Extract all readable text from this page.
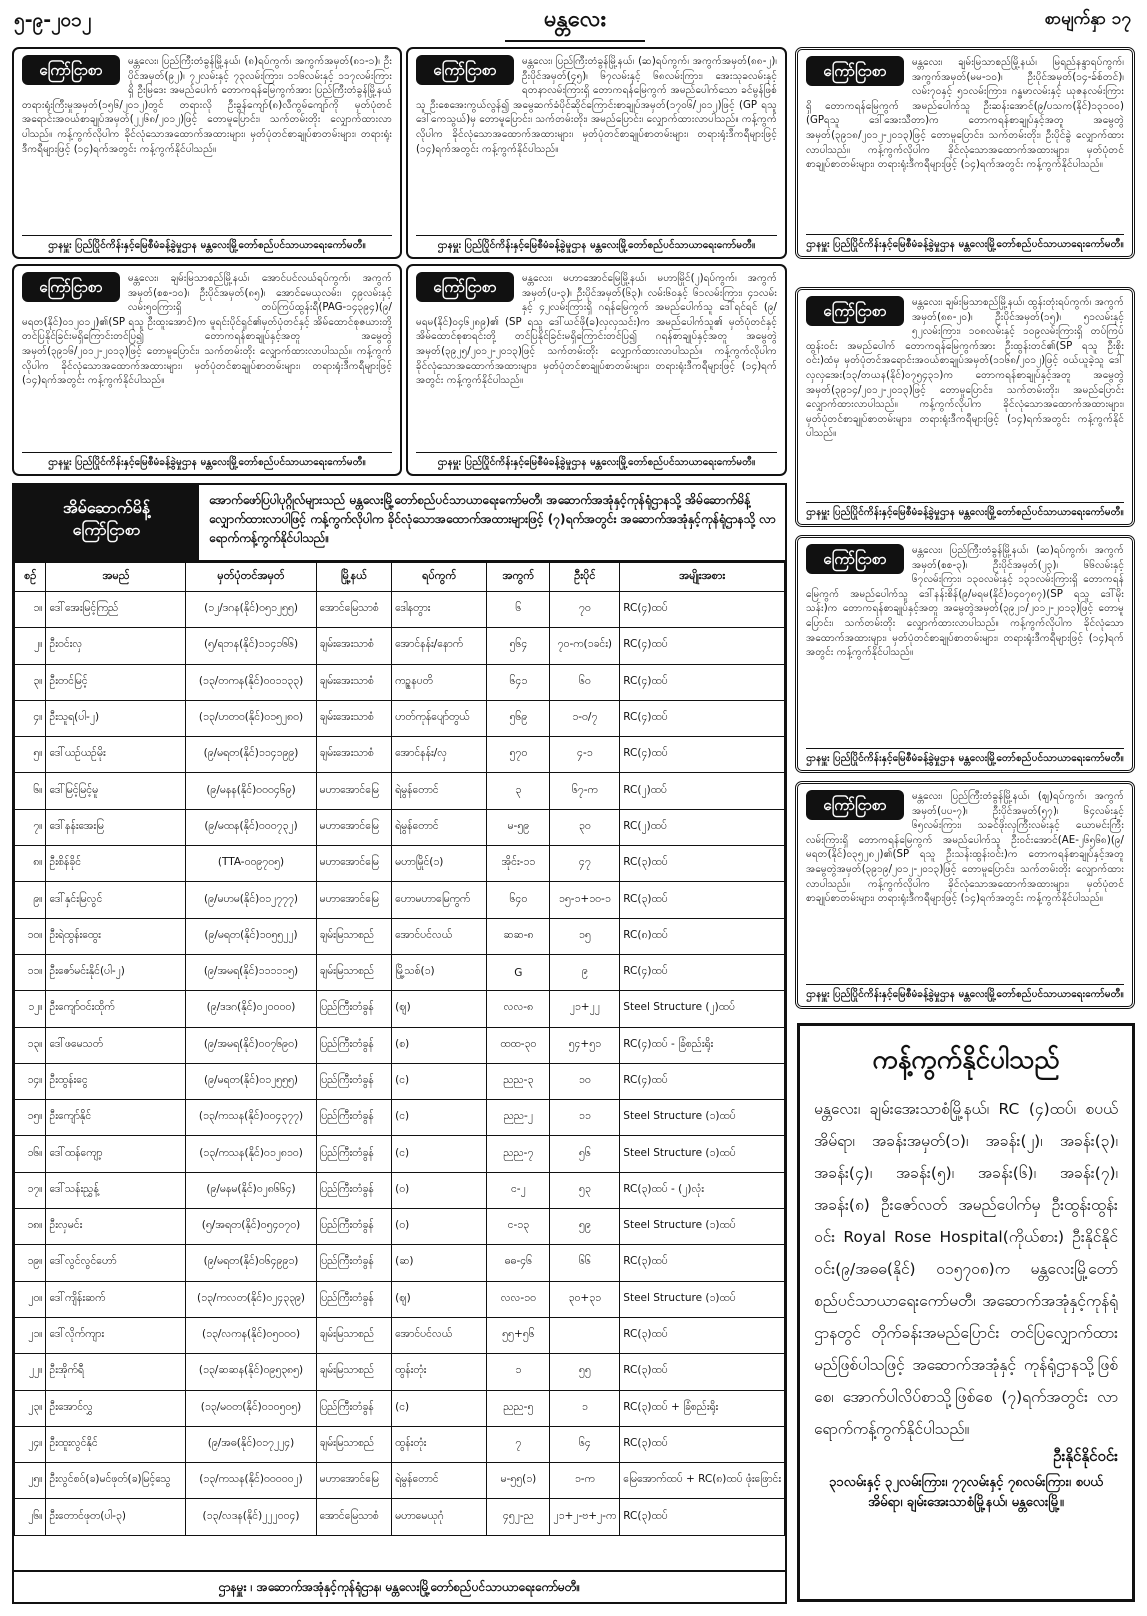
၅-၉-၂၀၁၂	မန္တလေး	စာမျက်နှာ ၁၇
ကြော်ငြာစာ	မန္တလေး၊ ပြည်ကြီးတံခွန်မြို့နယ်၊ (၈)ရပ်ကွက်၊ အကွက်အမှတ်(၈၁-၁)၊ ဦးပိုင်အမှတ်(၉၂)၊ ၇၂လမ်းနှင့် ၇၃လမ်းကြား၊ ၁၁၆လမ်းနှင့် ၁၁၇လမ်းကြားရှိ ဦးမြဒေး အမည်ပေါက် တောကရန်မြေကွက်အား ပြည်ကြီးတံခွန်မြို့နယ် တရားရုံးကြီးမှုအမှတ်(၁၅၆/၂၀၁၂)တွင် တရားလို ဦးခွန်ကျော်(၈)လီကွမ်ကျော်ကို မှတ်ပုံတင်အရောင်းအဝယ်စာချုပ်အမှတ်(၂၂၆၈/၂၀၁၂)ဖြင့် တောမူပြောင်း၊ သက်တမ်းတိုး လျှောက်ထားလာပါသည်။ ကန့်ကွက်လိုပါက ခိုင်လုံသောအထောက်အထားများ၊ မှတ်ပုံတင်စာချုပ်စာတမ်းများ၊ တရားရုံးဒီကရီများဖြင့် (၁၄)ရက်အတွင်း ကန့်ကွက်နိုင်ပါသည်။
ဌာနမှူး ပြည်ပြိုင်ကိန်းနှင့်မြေစီမံခန့်ခွဲမှုဌာန မန္တလေးမြို့တော်စည်ပင်သာယာရေးကော်မတီ။
ကြော်ငြာစာ	မန္တလေး၊ ပြည်ကြီးတံခွန်မြို့နယ်၊ (ဆ)ရပ်ကွက်၊ အကွက်အမှတ်(၈၈-၂)၊ ဦးပိုင်အမှတ်(၄၅)၊ ၆၇လမ်းနှင့် ၆၈လမ်းကြား၊ အေးသုခလမ်းနှင့် ရတနာလမ်းကြားရှိ တောကရန်မြေကွက် အမည်ပေါက်သော ခင်မွန်ဖြစ်သူ ဦးစေအေးကွယ်လွန်၍ အမွေဆက်ခံပိုင်ဆိုင်ကြောင်းစာချုပ်အမှတ်(၁၇၀၆/၂၀၁၂)ဖြင့် (GP ရသူ ဒေါ်ကေသွယ်)မှ တောမူပြောင်း၊ သက်တမ်းတိုး၊ အမည်ပြောင်း၊ လျှောက်ထားလာပါသည်။ ကန့်ကွက်လိုပါက ခိုင်လုံသောအထောက်အထားများ၊ မှတ်ပုံတင်စာချုပ်စာတမ်းများ၊ တရားရုံးဒီကရီများဖြင့် (၁၄)ရက်အတွင်း ကန့်ကွက်နိုင်ပါသည်။
ဌာနမှူး ပြည်ပြိုင်ကိန်းနှင့်မြေစီမံခန့်ခွဲမှုဌာန မန္တလေးမြို့တော်စည်ပင်သာယာရေးကော်မတီ။
ကြော်ငြာစာ	မန္တလေး၊ ချမ်းမြသာစည်မြို့နယ်၊ မြရည်နန္ဒာရပ်ကွက်၊ အကွက်အမှတ်(မမ-၁၀)၊ ဦးပိုင်အမှတ်(၁၄-ခ်စ်တင်)၊ လမ်း၇၀နှင့် ၅၁လမ်းကြား၊ ဂန္ဓမာလမ်းနှင့် ယုဇနလမ်းကြားရှိ တောကရန်မြေကွက် အမည်ပေါက်သူ ဦးဆန်းအောင်(၉/ပသက(နိုင်)၁၃၁၀၀)(GPရသူ ဒေါ်အေးသီတာ)က တောကရန်စာချုပ်နှင့်အတူ အမွေတွဲအမှတ်(၃၉၁၈/၂၀၁၂-၂၀၁၃)ဖြင့် တောမူပြောင်း၊ သက်တမ်းတိုး၊ ဦးပိုင်ခွဲ လျှောက်ထားလာပါသည်။ ကန့်ကွက်လိုပါက ခိုင်လုံသောအထောက်အထားများ၊ မှတ်ပုံတင်စာချုပ်စာတမ်းများ၊ တရားရုံးဒီကရီများဖြင့် (၁၄)ရက်အတွင်း ကန့်ကွက်နိုင်ပါသည်။
ဌာနမှူး ပြည်ပြိုင်ကိန်းနှင့်မြေစီမံခန့်ခွဲမှုဌာန မန္တလေးမြို့တော်စည်ပင်သာယာရေးကော်မတီ။
ကြော်ငြာစာ	မန္တလေး၊ ချမ်းမြသာစည်မြို့နယ်၊ အောင်ပင်လယ်ရပ်ကွက်၊ အကွက်အမှတ်(စစ-၁၀)၊ ဦးပိုင်အမှတ်(၈၅)၊ အောင်မေယုလမ်း၊ ၄၉လမ်းနှင့် လမ်း၅၀ကြားရှိ တပ်ကြပ်ထွန်းရီ(PAG-၁၄၃၉၄)(၉/မရတ(နိုင်)၀၁၂၀၁၂)၏(SP ရသူ ဦးထူးအောင်)က မူရင်းပိုင်ရှင်၏မှတ်ပုံတင်နှင့် အိမ်ထောင်စုဇယားတို့ တင်ပြနိုင်ခြင်းမရှိကြောင်းတင်ပြ၍ တောကရန်စာချုပ်နှင့်အတူ အမွေတွဲအမှတ်(၃၉၁၆/၂၀၁၂-၂၀၁၃)ဖြင့် တောမူပြောင်း၊ သက်တမ်းတိုး လျှောက်ထားလာပါသည်။ ကန့်ကွက်လိုပါက ခိုင်လုံသောအထောက်အထားများ၊ မှတ်ပုံတင်စာချုပ်စာတမ်းများ၊ တရားရုံးဒီကရီများဖြင့် (၁၄)ရက်အတွင်း ကန့်ကွက်နိုင်ပါသည်။
ဌာနမှူး ပြည်ပြိုင်ကိန်းနှင့်မြေစီမံခန့်ခွဲမှုဌာန မန္တလေးမြို့တော်စည်ပင်သာယာရေးကော်မတီ။
ကြော်ငြာစာ	မန္တလေး၊ မဟာအောင်မြေမြို့နယ်၊ မဟာမြိုင်(၂)ရပ်ကွက်၊ အကွက်အမှတ်(ပ-၃)၊ ဦးပိုင်အမှတ်(၆၃)၊ လမ်း၆၀နှင့် ၆၁လမ်းကြား၊ ၄၁လမ်းနှင့် ၄၂လမ်းကြားရှိ ဂရန်မြေကွက် အမည်ပေါက်သူ ဒေါ်ရင်ရင် (၉/မရမ(နိုင်)၀၄၆၂၈၉)၏ (SP ရသူ ဒေါ်ယင်ဖို(ခ)လှလှသင်း)က အမည်ပေါက်သူ၏ မှတ်ပုံတင်နှင့် အိမ်ထောင်စုစာရင်းတို့ တင်ပြနိုင်ခြင်းမရှိကြောင်းတင်ပြ၍ ဂရန်စာချုပ်နှင့်အတူ အမွေတွဲအမှတ်(၃၉၂၅/၂၀၁၂-၂၀၁၃)ဖြင့် သက်တမ်းတိုး လျှောက်ထားလာပါသည်။ ကန့်ကွက်လိုပါက ခိုင်လုံသောအထောက်အထားများ၊ မှတ်ပုံတင်စာချုပ်စာတမ်းများ၊ တရားရုံးဒီကရီများဖြင့် (၁၄)ရက်အတွင်း ကန့်ကွက်နိုင်ပါသည်။
ဌာနမှူး ပြည်ပြိုင်ကိန်းနှင့်မြေစီမံခန့်ခွဲမှုဌာန မန္တလေးမြို့တော်စည်ပင်သာယာရေးကော်မတီ။
ကြော်ငြာစာ	မန္တလေး၊ ချမ်းမြသာစည်မြို့နယ်၊ ထွန်းတုံးရပ်ကွက်၊ အကွက်အမှတ်(၈၈-၂၀)၊ ဦးပိုင်အမှတ်(၁၅)၊ ၅၁လမ်းနှင့် ၅၂လမ်းကြား၊ ၁၀၈လမ်းနှင့် ၁၀၉လမ်းကြားရှိ တပ်ကြပ်ထွန်းဝင်း အမည်ပေါက် တောကရန်မြေကွက်အား ဦးထွန်းတင်၏(SP ရသူ ဦးစိုးဝင်း)ထံမှ မှတ်ပုံတင်အရောင်းအဝယ်စာချုပ်အမှတ်(၁၁၆၈/၂၀၁၂)ဖြင့် ဝယ်ယူခဲ့သူ ဒေါ်လှလှအေး(၁၃/တယန(နိုင်)၀၇၅၄၃၁)က တောကရန်စာချုပ်နှင့်အတူ အမွေတွဲအမှတ်(၃၉၁၄/၂၀၁၂-၂၀၁၃)ဖြင့် တောမူပြောင်း၊ သက်တမ်းတိုး၊ အမည်ပြောင်း လျှောက်ထားလာပါသည်။ ကန့်ကွက်လိုပါက ခိုင်လုံသောအထောက်အထားများ၊ မှတ်ပုံတင်စာချုပ်စာတမ်းများ၊ တရားရုံးဒီကရီများဖြင့် (၁၄)ရက်အတွင်း ကန့်ကွက်နိုင်ပါသည်။
ဌာနမှူး ပြည်ပြိုင်ကိန်းနှင့်မြေစီမံခန့်ခွဲမှုဌာန မန္တလေးမြို့တော်စည်ပင်သာယာရေးကော်မတီ။
ကြော်ငြာစာ	မန္တလေး၊ ပြည်ကြီးတံခွန်မြို့နယ်၊ (ဆ)ရပ်ကွက်၊ အကွက်အမှတ်(စစ-၃)၊ ဦးပိုင်အမှတ်(၂၃)၊ ၆၆လမ်းနှင့် ၆၇လမ်းကြား၊ ၁၃၀လမ်းနှင့် ၁၃၁လမ်းကြားရှိ တောကရန်မြေကွက် အမည်ပေါက်သူ ဒေါ်နန်းစိန်(၉/မရမ(နိုင်)၀၄၀၇၈၇)(SP ရသူ ဒေါ်မိုးသန်း)က တောကရန်စာချုပ်နှင့်အတူ အမွေတွဲအမှတ်(၃၉၂၁/၂၀၁၂-၂၀၁၃)ဖြင့် တောမူပြောင်း၊ သက်တမ်းတိုး လျှောက်ထားလာပါသည်။ ကန့်ကွက်လိုပါက ခိုင်လုံသောအထောက်အထားများ၊ မှတ်ပုံတင်စာချုပ်စာတမ်းများ၊ တရားရုံးဒီကရီများဖြင့် (၁၄)ရက်အတွင်း ကန့်ကွက်နိုင်ပါသည်။
ဌာနမှူး ပြည်ပြိုင်ကိန်းနှင့်မြေစီမံခန့်ခွဲမှုဌာန မန္တလေးမြို့တော်စည်ပင်သာယာရေးကော်မတီ။
ကြော်ငြာစာ	မန္တလေး၊ ပြည်ကြီးတံခွန်မြို့နယ်၊ (ဈ)ရပ်ကွက်၊ အကွက်အမှတ်(ပပ-၇)၊ ဦးပိုင်အမှတ်(၅၇)၊ ၆၄လမ်းနှင့် ၆၅လမ်းကြား၊ သခင်ဖိုးလှကြီးလမ်းနှင့် ယောမင်းကြီးလမ်းကြားရှိ တောကရန်မြေကွက် အမည်ပေါက်သူ ဦးဝင်းအောင်(AE-၂၆၅၆၈)(၉/မရတ(နိုင်)၀၃၅၂၈၂)၏(SP ရသူ ဦးသန်းထွန်းဝင်း)က တောကရန်စာချုပ်နှင့်အတူ အမွေတွဲအမှတ်(၃၉၁၉/၂၀၁၂-၂၀၁၃)ဖြင့် တောမူပြောင်း၊ သက်တမ်းတိုး လျှောက်ထားလာပါသည်။ ကန့်ကွက်လိုပါက ခိုင်လုံသောအထောက်အထားများ၊ မှတ်ပုံတင်စာချုပ်စာတမ်းများ၊ တရားရုံးဒီကရီများဖြင့် (၁၄)ရက်အတွင်း ကန့်ကွက်နိုင်ပါသည်။
ဌာနမှူး ပြည်ပြိုင်ကိန်းနှင့်မြေစီမံခန့်ခွဲမှုဌာန မန္တလေးမြို့တော်စည်ပင်သာယာရေးကော်မတီ။
အိမ်ဆောက်မိန့်
ကြော်ငြာစာ
အောက်ဖော်ပြပါပုဂ္ဂိုလ်များသည် မန္တလေးမြို့တော်စည်ပင်သာယာရေးကော်မတီ၊ အဆောက်အအုံနှင့်ကုန်ရုံဌာနသို့ အိမ်ဆောက်မိန့် လျှောက်ထားလာပါဖြင့် ကန့်ကွက်လိုပါက ခိုင်လုံသောအထောက်အထားများဖြင့် (၇)ရက်အတွင်း အဆောက်အအုံနှင့်ကုန်ရုံဌာနသို့ လာရောက်ကန့်ကွက်နိုင်ပါသည်။
စဉ်	အမည်	မှတ်ပုံတင်အမှတ်	မြို့နယ်	ရပ်ကွက်	အကွက်	ဦးပိုင်	အမျိုးအစား
၁။	ဒေါ်အေးမြင့်ကြည်	(၁၂/ဒဂန(နိုင်)၀၅၁၂၅၅)	အောင်မြေသာစံ	ဒေါနတွား	၆	၇၀	RC(၄)ထပ်
၂။	ဦးဝင်းလှ	(၅/ရဘန(နိုင်)၁၁၄၁၆၆)	ချမ်းအေးသာစံ	အောင်နန်း/နောက်	၅၆၄	၇၀-က(၁ခင်း)	RC(၄)ထပ်
၃။	ဦးတင်မြင့်	(၁၃/တကန(နိုင်)၀၀၁၁၃၃)	ချမ်းအေးသာစံ	ကဥ္စနပတိ	၆၄၁	၆၀	RC(၄)ထပ်
၄။	ဦးသူရ(ပါ-၂)	(၁၃/ဟတဝ(နိုင်)၀၁၅၂၈၀)	ချမ်းအေးသာစံ	ဟတ်ကုန်ပျော်တွယ်	၅၆၉	၁-၀/၇	RC(၄)ထပ်
၅။	ဒေါ်ယဉ်ယဉ်မိုး	(၉/မရတ(နိုင်)၁၁၄၁၉၉)	ချမ်းအေးသာစံ	အောင်နန်း/လှ	၅၇၀	၄-၁	RC(၄)ထပ်
၆။	ဒေါ်မြင့်မြင့်မူ	(၉/မနန(နိုင်)၀၀၀၄၆၉)	မဟာအောင်မြေ	ရဲမွန်တောင်	၃	၆၇-က	RC(၂)ထပ်
၇။	ဒေါ်နန်းအေးမြ	(၉/မထန(နိုင်)၀၀၀၇၃၂)	မဟာအောင်မြေ	ရဲမွန်တောင်	မ-၅၉	၃၀	RC(၂)ထပ်
၈။	ဦးစိန်ခိုင်	(TTA-၀၀၉၇၀၅)	မဟာအောင်မြေ	မဟာမြိုင်(၁)	အိုင်း-၁၁	၄၇	RC(၃)ထပ်
၉။	ဒေါ်နှင်းမြလွင်	(၉/မဟမ(နိုင်)၀၁၂၇၇၇)	မဟာအောင်မြေ	ဟောမဟာမြေကွက်	၆၄၀	၁၅-၁+၁၀-၁	RC(၃)ထပ်
၁၀။	ဦးရဲထွန်းထွေး	(၉/မရတ(နိုင်)၁၀၅၅၂၂)	ချမ်းမြသာစည်	အောင်ပင်လယ်	ဆဆ-၈	၁၅	RC(၈)ထပ်
၁၁။	ဦးဇော်မင်းနိုင်(ပါ-၂)	(၉/အမရ(နိုင်)၁၁၁၁၁၅)	ချမ်းမြသာစည်	မြို့သစ်(၁)	G	၉	RC(၄)ထပ်
၁၂။	ဦးကျော်ဝင်းထိုက်	(၉/ဒဒဂ(နိုင်)၀၂၀၀၀၀)	ပြည်ကြီးတံခွန်	(ဈ)	လလ-၈	၂၁+၂၂	Steel Structure (၂)ထပ်
၁၃။	ဒေါ်ဖမေသတ်	(၉/အမရ(နိုင်)၀၀၇၆၉၀)	ပြည်ကြီးတံခွန်	(စ)	ထထ-၃၀	၅၄+၅၁	RC(၄)ထပ် - ခြံစည်းရိုး
၁၄။	ဦးထွန်းငွေ	(၉/မရတ(နိုင်)၀၁၂၅၅၅)	ပြည်ကြီးတံခွန်	(င)	ညည-၃	၁၀	RC(၄)ထပ်
၁၅။	ဦးကျော်နိုင်	(၁၃/ကသန(နိုင်)၀၀၄၃၇၇)	ပြည်ကြီးတံခွန်	(င)	ညည-၂	၁၁	Steel Structure (၁)ထပ်
၁၆။	ဒေါ်ထန်ကျော့	(၁၃/ကသန(နိုင်)၀၁၂၈၁၀)	ပြည်ကြီးတံခွန်	(င)	ညည-၇	၅၆	Steel Structure (၁)ထပ်
၁၇။	ဒေါ်သန်းညွှန့်	(၉/မနမ(နိုင်)၀၂၈၆၆၄)	ပြည်ကြီးတံခွန်	(ဝ)	င-၂	၅၃	RC(၃)ထပ် - (၂)လုံး
၁၈။	ဦးလှမင်း	(၅/အရတ(နိုင်)၀၅၄၀၇၀)	ပြည်ကြီးတံခွန်	(ဝ)	င-၁၃	၅၉	Steel Structure (၁)ထပ်
၁၉။	ဒေါ်လွင်လွင်ဟော်	(၉/မရတ(နိုင်)၀၆၄၉၉၁)	ပြည်ကြီးတံခွန်	(ဆ)	ဓဓ-၄၆	၆၆	RC(၃)ထပ်
၂၀။	ဒေါ်ကျိန်းဆက်	(၁၃/ကလတ(နိုင်)၀၂၄၃၃၉)	ပြည်ကြီးတံခွန်	(ဈ)	လလ-၁၀	၃၀+၃၁	Steel Structure (၁)ထပ်
၂၁။	ဒေါ်လိုက်ကျား	(၁၃/လကန(နိုင်)၀၅၀၀၀)	ချမ်းမြသာစည်	အောင်ပင်လယ်	၅၅+၅၆		RC(၃)ထပ်
၂၂။	ဦးအိုက်ရီ	(၁၃/ဆဆန(နိုင်)၀၉၅၃၈၅)	ချမ်းမြသာစည်	ထွန်းတုံး	၁	၅၅	RC(၃)ထပ်
၂၃။	ဦးအောင်လွှ	(၁၃/မဝတ(နိုင်)၀၁၀၅၀၅)	ပြည်ကြီးတံခွန်	(င)	ညည-၅	၁	RC(၃)ထပ် + ခြံစည်းရိုး
၂၄။	ဦးထူးလွင်နိုင်	(၉/အဓ(နိုင်)၀၁၇၂၂၄)	ချမ်းမြသာစည်	ထွန်းတုံး	၇	၆၄	RC(၃)ထပ်
၂၅။	ဦးလွင်စဝ်(ခ)မင်ဖုတ်(ခ)မြင့်သွေ	(၁၃/ကသန(နိုင်)၀၀၀၀၀၂)	မဟာအောင်မြေ	ရဲမွန်တောင်	မ-၅၅(၁)	၁-က	မြေအောက်ထပ် + RC(၈)ထပ် ဖုံးဖြောင်း
၂၆။	ဦးတောင်ဖုတ(ပါ-၃)	(၁၃/လဒန(နိုင်)၂၂၂၀၀၄)	အောင်မြေသာစံ	မဟာမေယုဂုံ	၄၅၂-ည	၂၁+၂-ဗ+၂-က	RC(၃)ထပ်
ဌာနမှူး ၊ အဆောက်အအုံနှင့်ကုန်ရုံဌာန၊ မန္တလေးမြို့တော်စည်ပင်သာယာရေးကော်မတီ။
ကန့်ကွက်နိုင်ပါသည်
မန္တလေး၊ ချမ်းအေးသာစံမြို့နယ်၊ RC (၄)ထပ်၊ စပယ်အိမ်ရာ၊ အခန်းအမှတ်(၁)၊ အခန်း(၂)၊ အခန်း(၃)၊ အခန်း(၄)၊ အခန်း(၅)၊ အခန်း(၆)၊ အခန်း(၇)၊ အခန်း(၈) ဦးဇော်လတ် အမည်ပေါက်မှ ဦးထွန်းထွန်းဝင်း Royal Rose Hospital(ကိုယ်စား) ဦးနိုင်နိုင်ဝင်း(၉/အဓဓ(နိုင်) ၀၁၅၇၀၈)က မန္တလေးမြို့တော်စည်ပင်သာယာရေးကော်မတီ၊ အဆောက်အအုံနှင့်ကုန်ရုံဌာနတွင် တိုက်ခန်းအမည်ပြောင်း တင်ပြလျှောက်ထားမည်ဖြစ်ပါသဖြင့် အဆောက်အအုံနှင့် ကုန်ရုံဌာနသို့ဖြစ်စေ၊ အောက်ပါလိပ်စာသို့ဖြစ်စေ (၇)ရက်အတွင်း လာရောက်ကန့်ကွက်နိုင်ပါသည်။
ဦးနိုင်နိုင်ဝင်း
၃၁လမ်းနှင့် ၃၂လမ်းကြား၊ ၇၇လမ်းနှင့် ၇၈လမ်းကြား၊ စပယ်အိမ်ရာ၊ ချမ်းအေးသာစံမြို့နယ်၊ မန္တလေးမြို့။
